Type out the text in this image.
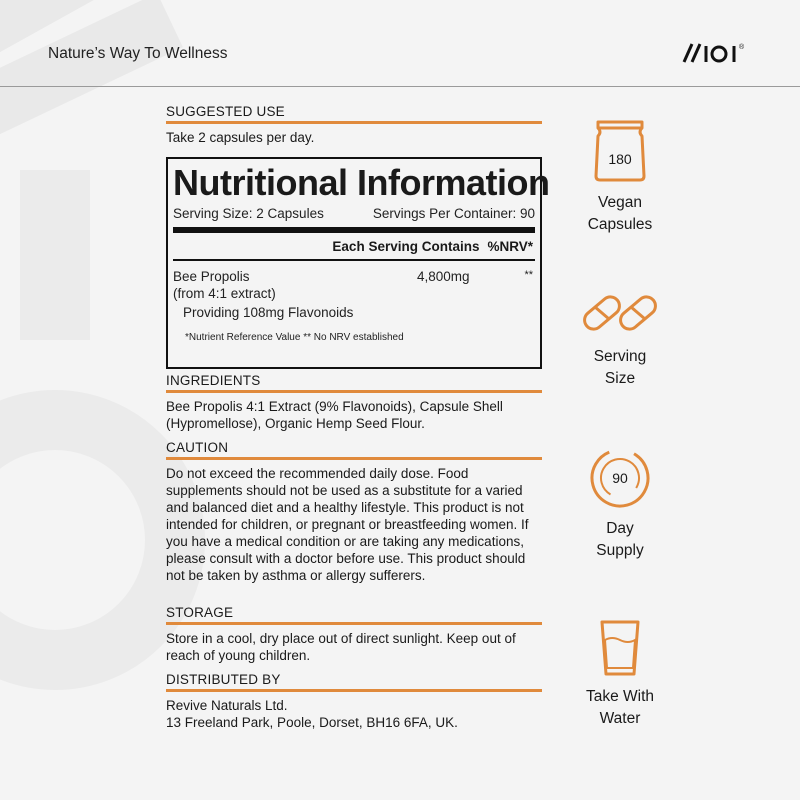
Nature’s Way To Wellness	®
SUGGESTED USE
Take 2 capsules per day.
Nutritional Information
Serving Size: 2 Capsules	Servings Per Container: 90
Each Serving Contains %NRV*
Bee Propolis	4,800mg	**
(from 4:1 extract)
Providing 108mg Flavonoids
*Nutrient Reference Value ** No NRV established
INGREDIENTS
Bee Propolis 4:1 Extract (9% Flavonoids), Capsule Shell (Hypromellose), Organic Hemp Seed Flour.
CAUTION
Do not exceed the recommended daily dose. Food supplements should not be used as a substitute for a varied and balanced diet and a healthy lifestyle. This product is not intended for children, or pregnant or breastfeeding women. If you have a medical condition or are taking any medications, please consult with a doctor before use. This product should not be taken by asthma or allergy sufferers.
STORAGE
Store in a cool, dry place out of direct sunlight. Keep out of reach of young children.
DISTRIBUTED BY
Revive Naturals Ltd.
13 Freeland Park, Poole, Dorset, BH16 6FA, UK.
180
Vegan
Capsules
Serving
Size
90
Day
Supply
Take With
Water
